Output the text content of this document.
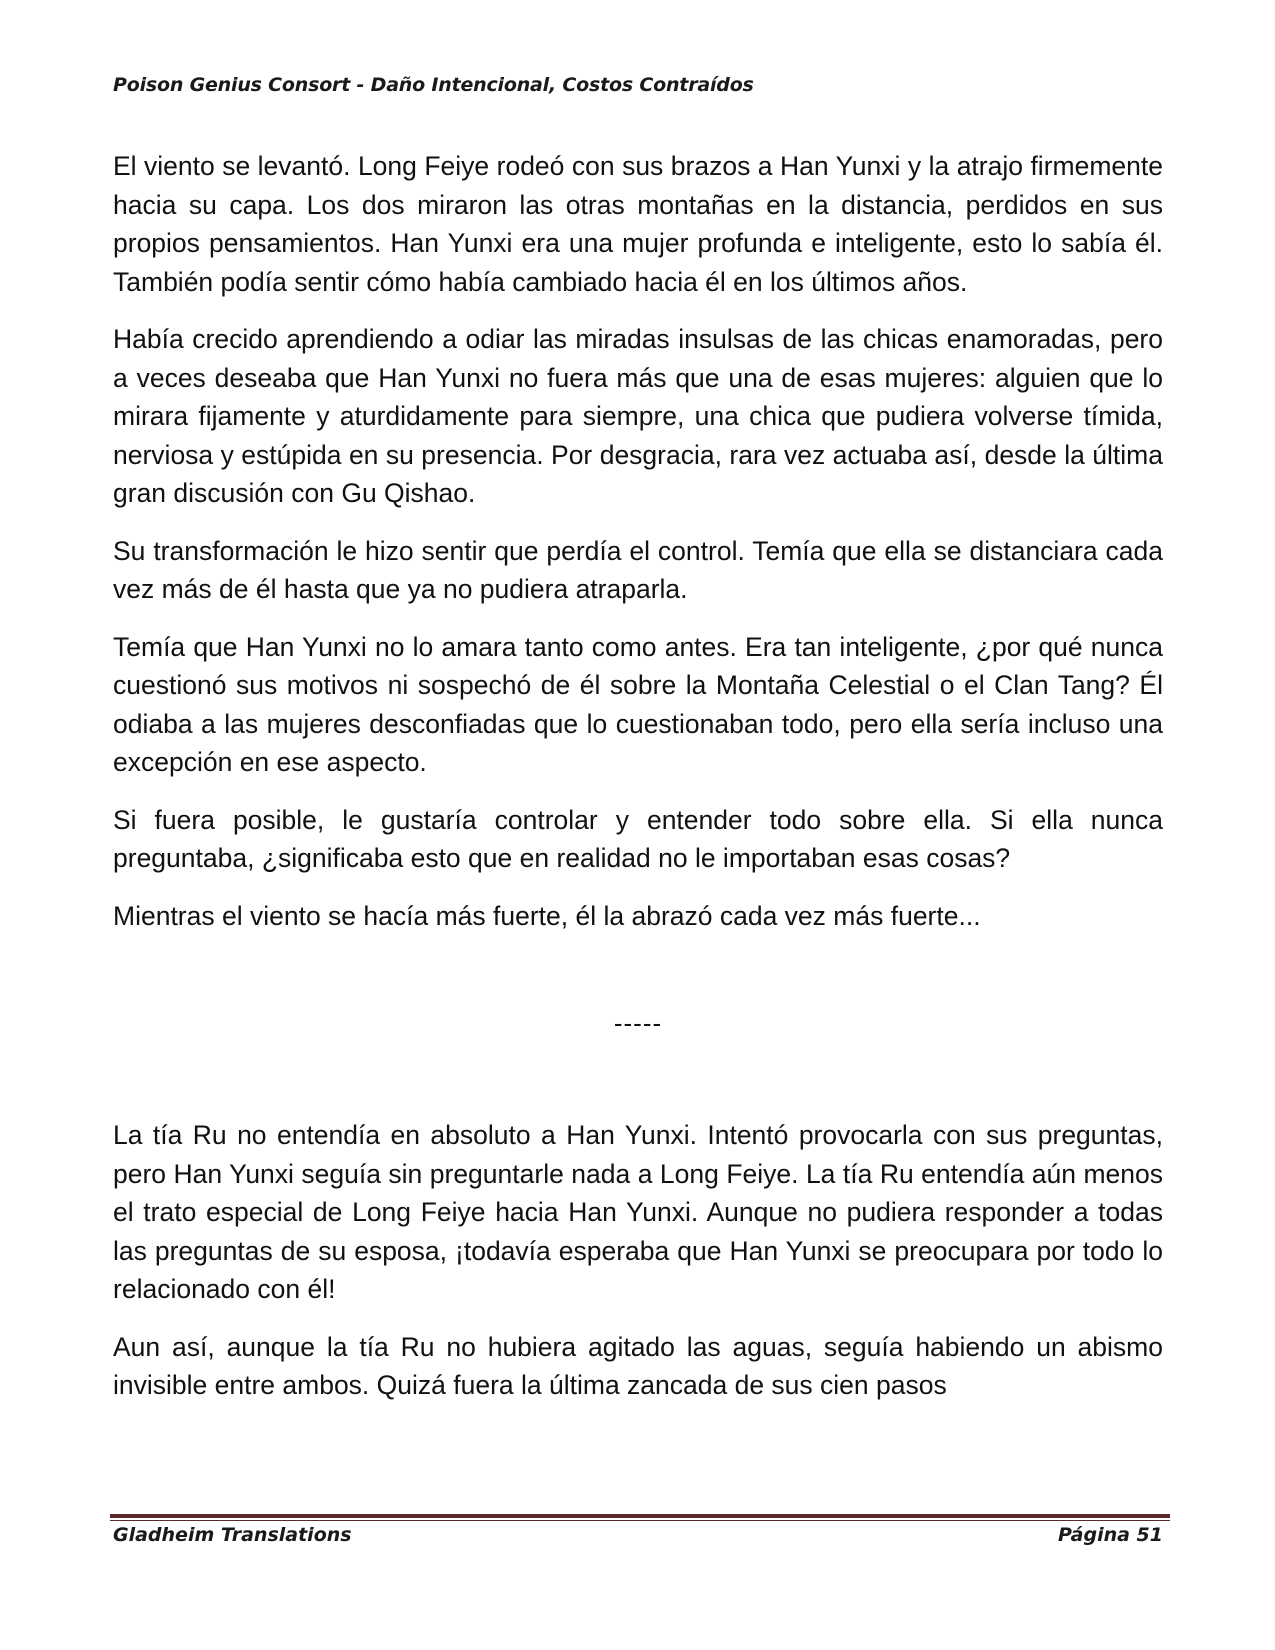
Poison Genius Consort - Daño Intencional, Costos Contraídos

El viento se levantó. Long Feiye rodeó con sus brazos a Han Yunxi y la atrajo firmemente hacia su capa. Los dos miraron las otras montañas en la distancia, perdidos en sus propios pensamientos. Han Yunxi era una mujer profunda e inteligente, esto lo sabía él. También podía sentir cómo había cambiado hacia él en los últimos años.

Había crecido aprendiendo a odiar las miradas insulsas de las chicas enamoradas, pero a veces deseaba que Han Yunxi no fuera más que una de esas mujeres: alguien que lo mirara fijamente y aturdidamente para siempre, una chica que pudiera volverse tímida, nerviosa y estúpida en su presencia. Por desgracia, rara vez actuaba así, desde la última gran discusión con Gu Qishao.

Su transformación le hizo sentir que perdía el control. Temía que ella se distanciara cada vez más de él hasta que ya no pudiera atraparla.

Temía que Han Yunxi no lo amara tanto como antes. Era tan inteligente, ¿por qué nunca cuestionó sus motivos ni sospechó de él sobre la Montaña Celestial o el Clan Tang? Él odiaba a las mujeres desconfiadas que lo cuestionaban todo, pero ella sería incluso una excepción en ese aspecto.

Si fuera posible, le gustaría controlar y entender todo sobre ella. Si ella nunca preguntaba, ¿significaba esto que en realidad no le importaban esas cosas?

Mientras el viento se hacía más fuerte, él la abrazó cada vez más fuerte...

-----

La tía Ru no entendía en absoluto a Han Yunxi. Intentó provocarla con sus preguntas, pero Han Yunxi seguía sin preguntarle nada a Long Feiye. La tía Ru entendía aún menos el trato especial de Long Feiye hacia Han Yunxi. Aunque no pudiera responder a todas las preguntas de su esposa, ¡todavía esperaba que Han Yunxi se preocupara por todo lo relacionado con él!

Aun así, aunque la tía Ru no hubiera agitado las aguas, seguía habiendo un abismo invisible entre ambos. Quizá fuera la última zancada de sus cien pasos

Gladheim Translations	Página 51
